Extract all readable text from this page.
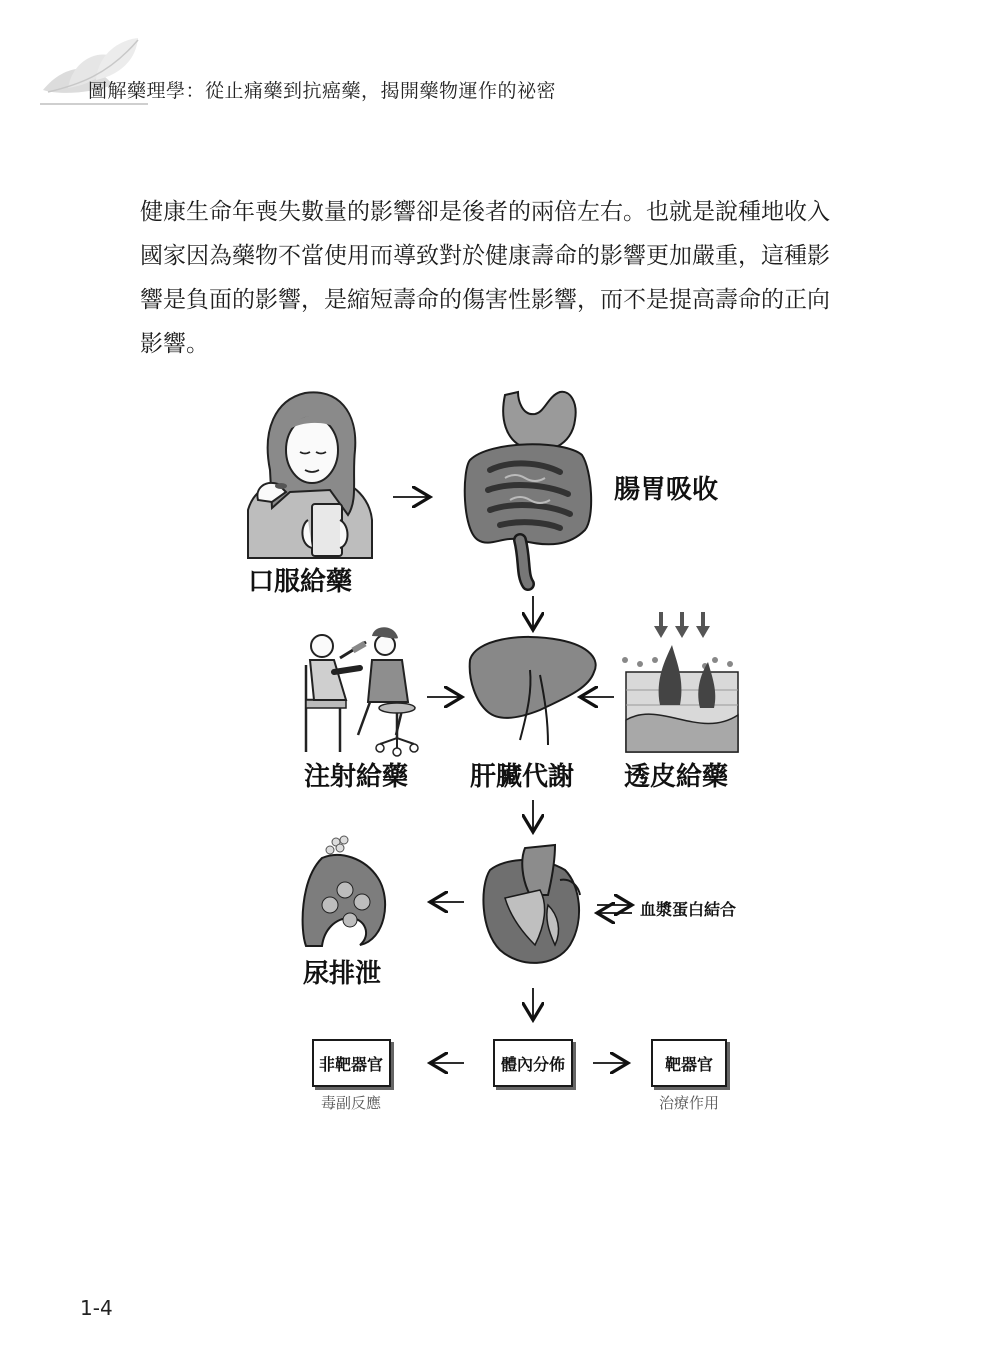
圖解藥理學：從止痛藥到抗癌藥，揭開藥物運作的祕密

健康生命年喪失數量的影響卻是後者的兩倍左右。也就是說種地收入

國家因為藥物不當使用而導致對於健康壽命的影響更加嚴重，這種影

響是負面的影響，是縮短壽命的傷害性影響，而不是提高壽命的正向

影響。

腸胃吸收
口服給藥
注射給藥 肝臟代謝 透皮給藥
血漿蛋白結合
尿排泄
非靶器官
毒副反應
體內分佈	靶器官
治療作用
1-4
